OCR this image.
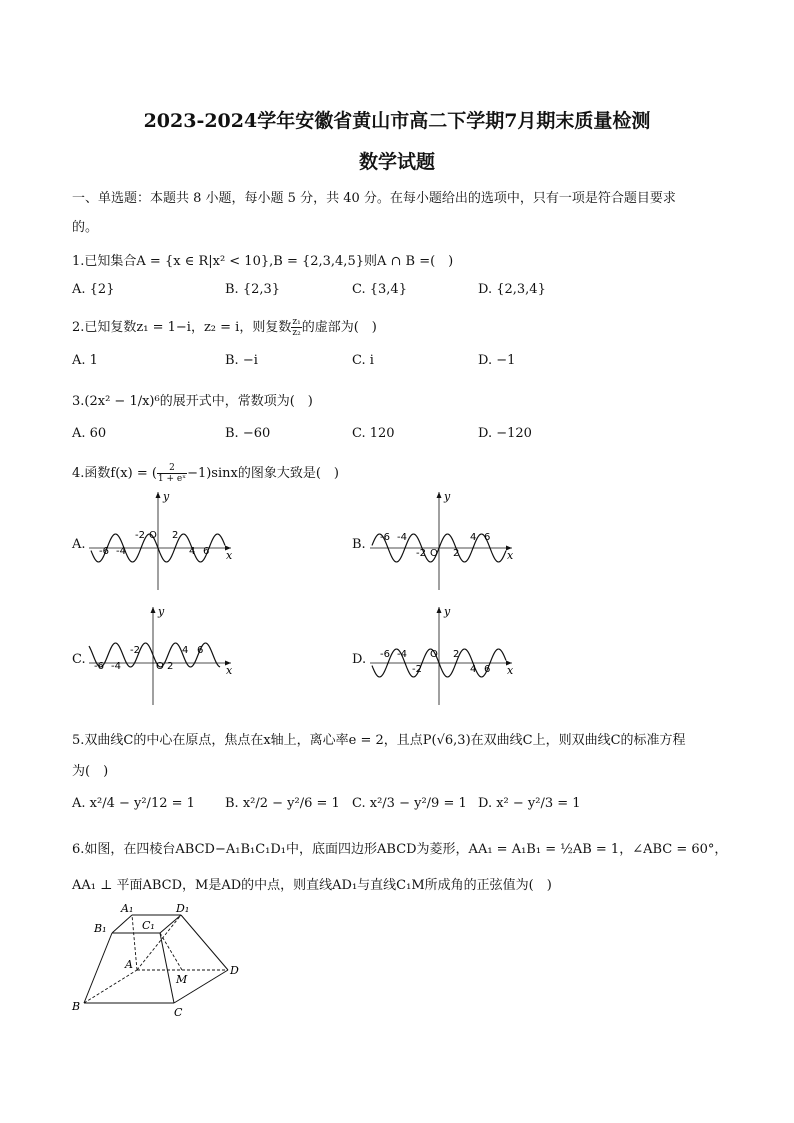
2023-2024学年安徽省黄山市高二下学期7月期末质量检测
数学试题
一、单选题：本题共 8 小题，每小题 5 分，共 40 分。在每小题给出的选项中，只有一项是符合题目要求
的。
1.已知集合A = {x ∈ R|x² < 10},B = {2,3,4,5}则A ∩ B =(　)
A. {2}	B. {2,3}	C. {3,4}	D. {2,3,4}
2.已知复数z₁ = 1−i，z₂ = i，则复数 $\frac{\text{z₁}}{\text{z₂}}$ 的虚部为(　)
A. 1	B. −i	C. i	D. −1
3.(2x² − 1/x)⁶的展开式中，常数项为(　)
A. 60	B. −60	C. 120	D. −120
4.函数f(x) = ( $\frac{2}{\text{1 + eˣ}} -1)\sin x$的图象大致是(　)
A.	B.
C.	D.
y
x
-6 -4
-2 O 2
4 6
y
x
-6 -4
-2 O 2
4 6
y
x
-6 -4
-2
O 2
4 6
y
x
-6 -4
-2
O 2
4 6
5.双曲线C的中心在原点，焦点在x轴上，离心率e = 2，且点P(√6,3)在双曲线C上，则双曲线C的标准方程
为(　)
A. x²/4 − y²/12 = 1 B. x²/2 − y²/6 = 1 C. x²/3 − y²/9 = 1 D. x² − y²/3 = 1
6.如图，在四棱台ABCD−A₁B₁C₁D₁中，底面四边形ABCD为菱形，AA₁ = A₁B₁ = ½AB = 1，∠ABC = 60°，
AA₁ ⊥ 平面ABCD，M是AD的中点，则直线AD₁与直线C₁M所成角的正弦值为(　)
A₁	D₁
B₁	C₁
A
M
D
B	C
